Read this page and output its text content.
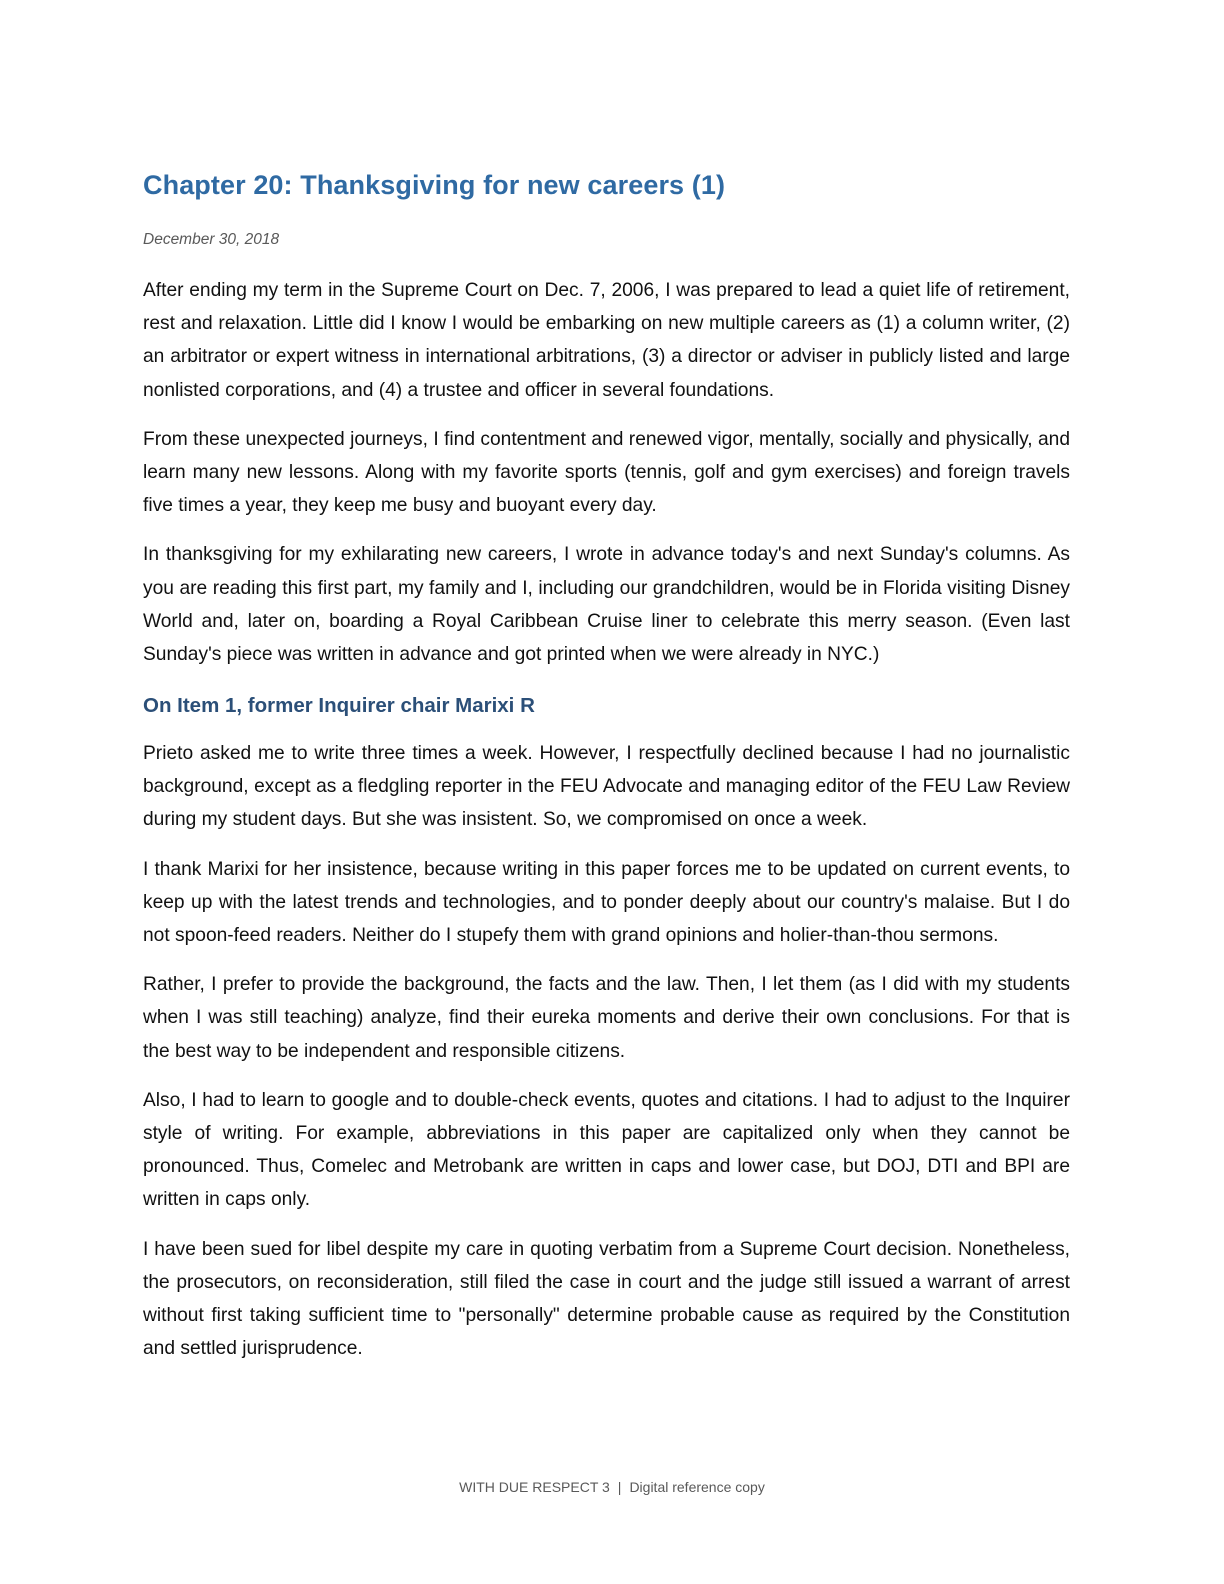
Chapter 20: Thanksgiving for new careers (1)

December 30, 2018

After ending my term in the Supreme Court on Dec. 7, 2006, I was prepared to lead a quiet life of retirement, rest and relaxation. Little did I know I would be embarking on new multiple careers as (1) a column writer, (2) an arbitrator or expert witness in international arbitrations, (3) a director or adviser in publicly listed and large nonlisted corporations, and (4) a trustee and officer in several foundations.

From these unexpected journeys, I find contentment and renewed vigor, mentally, socially and physically, and learn many new lessons. Along with my favorite sports (tennis, golf and gym exercises) and foreign travels five times a year, they keep me busy and buoyant every day.

In thanksgiving for my exhilarating new careers, I wrote in advance today's and next Sunday's columns. As you are reading this first part, my family and I, including our grandchildren, would be in Florida visiting Disney World and, later on, boarding a Royal Caribbean Cruise liner to celebrate this merry season. (Even last Sunday's piece was written in advance and got printed when we were already in NYC.)

On Item 1, former Inquirer chair Marixi R

Prieto asked me to write three times a week. However, I respectfully declined because I had no journalistic background, except as a fledgling reporter in the FEU Advocate and managing editor of the FEU Law Review during my student days. But she was insistent. So, we compromised on once a week.

I thank Marixi for her insistence, because writing in this paper forces me to be updated on current events, to keep up with the latest trends and technologies, and to ponder deeply about our country's malaise. But I do not spoon-feed readers. Neither do I stupefy them with grand opinions and holier-than-thou sermons.

Rather, I prefer to provide the background, the facts and the law. Then, I let them (as I did with my students when I was still teaching) analyze, find their eureka moments and derive their own conclusions. For that is the best way to be independent and responsible citizens.

Also, I had to learn to google and to double-check events, quotes and citations. I had to adjust to the Inquirer style of writing. For example, abbreviations in this paper are capitalized only when they cannot be pronounced. Thus, Comelec and Metrobank are written in caps and lower case, but DOJ, DTI and BPI are written in caps only.

I have been sued for libel despite my care in quoting verbatim from a Supreme Court decision. Nonetheless, the prosecutors, on reconsideration, still filed the case in court and the judge still issued a warrant of arrest without first taking sufficient time to "personally" determine probable cause as required by the Constitution and settled jurisprudence.

WITH DUE RESPECT 3 | Digital reference copy
